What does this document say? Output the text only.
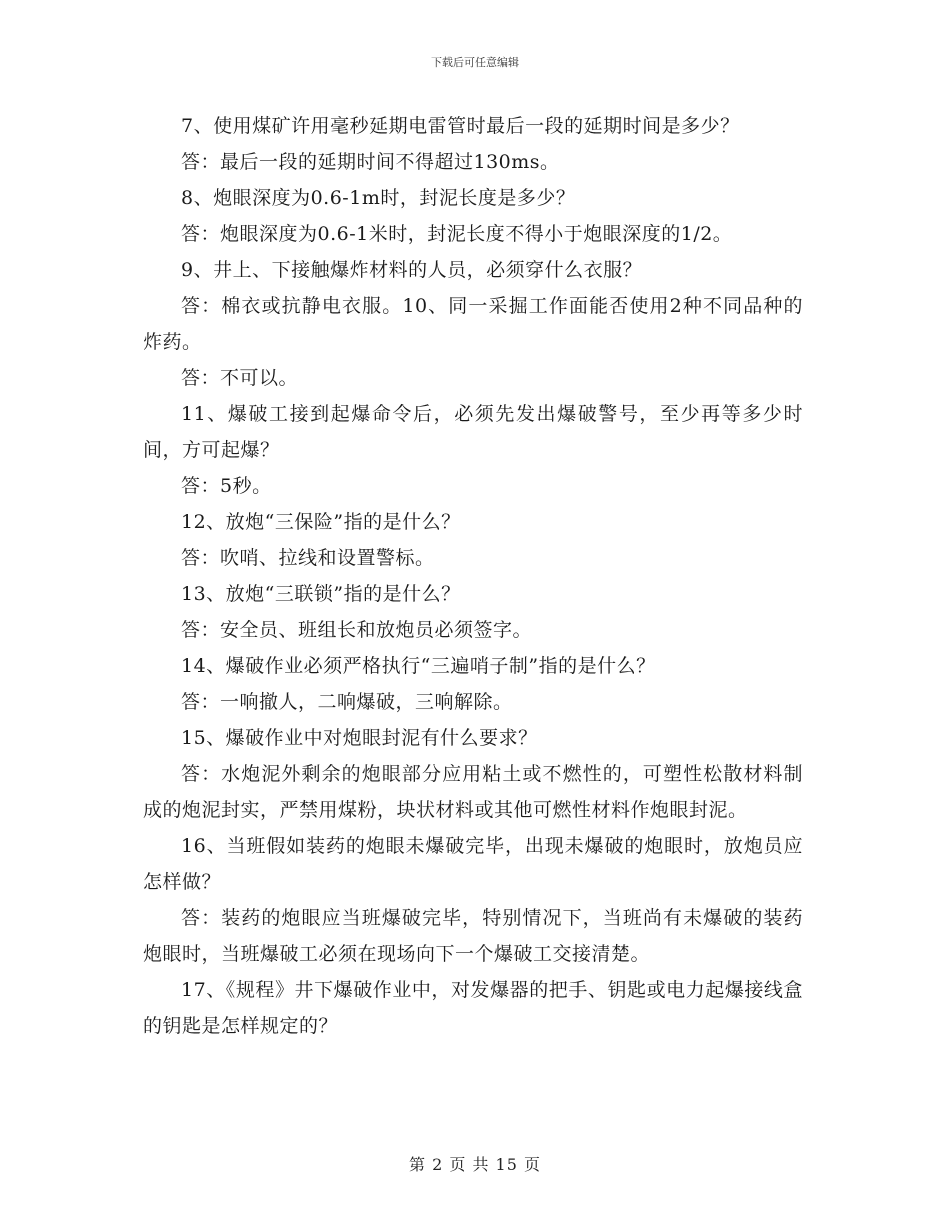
下载后可任意编辑

7、使用煤矿许用毫秒延期电雷管时最后一段的延期时间是多少？

答：最后一段的延期时间不得超过130ms。

8、炮眼深度为0.6-1m时，封泥长度是多少？

答：炮眼深度为0.6-1米时，封泥长度不得小于炮眼深度的1/2。

9、井上、下接触爆炸材料的人员，必须穿什么衣服？

答：棉衣或抗静电衣服。10、同一采掘工作面能否使用2种不同品种的炸药。

答：不可以。

11、爆破工接到起爆命令后，必须先发出爆破警号，至少再等多少时间，方可起爆？

答：5秒。

12、放炮“三保险”指的是什么？

答：吹哨、拉线和设置警标。

13、放炮“三联锁”指的是什么？

答：安全员、班组长和放炮员必须签字。

14、爆破作业必须严格执行“三遍哨子制”指的是什么？

答：一响撤人，二响爆破，三响解除。

15、爆破作业中对炮眼封泥有什么要求？

答：水炮泥外剩余的炮眼部分应用粘土或不燃性的，可塑性松散材料制成的炮泥封实，严禁用煤粉，块状材料或其他可燃性材料作炮眼封泥。

16、当班假如装药的炮眼未爆破完毕，出现未爆破的炮眼时，放炮员应怎样做？

答：装药的炮眼应当班爆破完毕，特别情况下，当班尚有未爆破的装药炮眼时，当班爆破工必须在现场向下一个爆破工交接清楚。

17、《规程》井下爆破作业中，对发爆器的把手、钥匙或电力起爆接线盒的钥匙是怎样规定的？

第 2 页 共 15 页
